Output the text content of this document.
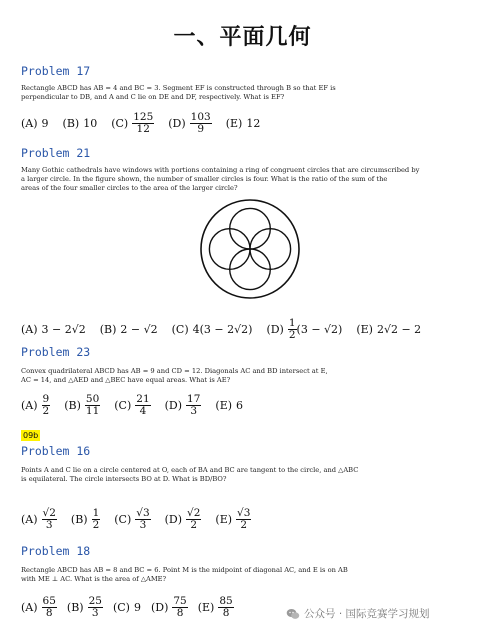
一、平面几何
Problem 17
Rectangle ABCD has AB = 4 and BC = 3. Segment EF is constructed through B so that EF is
perpendicular to DB, and A and C lie on DE and DF, respectively. What is EF?
(A) 9 (B) 10 $(C) \frac{125}{12} (D) \frac{103}{9} (E)$ 12
Problem 21
Many Gothic cathedrals have windows with portions containing a ring of congruent circles that are circumscribed by
a larger circle. In the figure shown, the number of smaller circles is four. What is the ratio of the sum of the
areas of the four smaller circles to the area of the larger circle?
(A) 3 − 2√2 (B) 2 − √2 (C) 4(3 − 2√2) $(D) \frac{1}{2} (3 - √2)$ (E) 2√2 − 2
Problem 23
Convex quadrilateral ABCD has AB = 9 and CD = 12. Diagonals AC and BD intersect at E,
AC = 14, and △AED and △BEC have equal areas. What is AE?
$(A) \frac{9}{2} (B) \frac{50}{11} (C) \frac{21}{4} (D) \frac{17}{3} (E)$ 6
09b
Problem 16
Points A and C lie on a circle centered at O, each of BA and BC are tangent to the circle, and △ABC
is equilateral. The circle intersects BO at D. What is BD/BO?
$(A) \frac{√2}{3} (B) \frac{1}{2} (C) \frac{√3}{3} (D) \frac{√2}{2} (E) \frac{√3}{2}$
Problem 18
Rectangle ABCD has AB = 8 and BC = 6. Point M is the midpoint of diagonal AC, and E is on AB
with ME ⊥ AC. What is the area of △AME?
$(A) \frac{65}{8} (B) \frac{25}{3} (C)$ 9 $(D) \frac{75}{8} (E) \frac{85}{8}$	公众号 · 国际竞赛学习规划
